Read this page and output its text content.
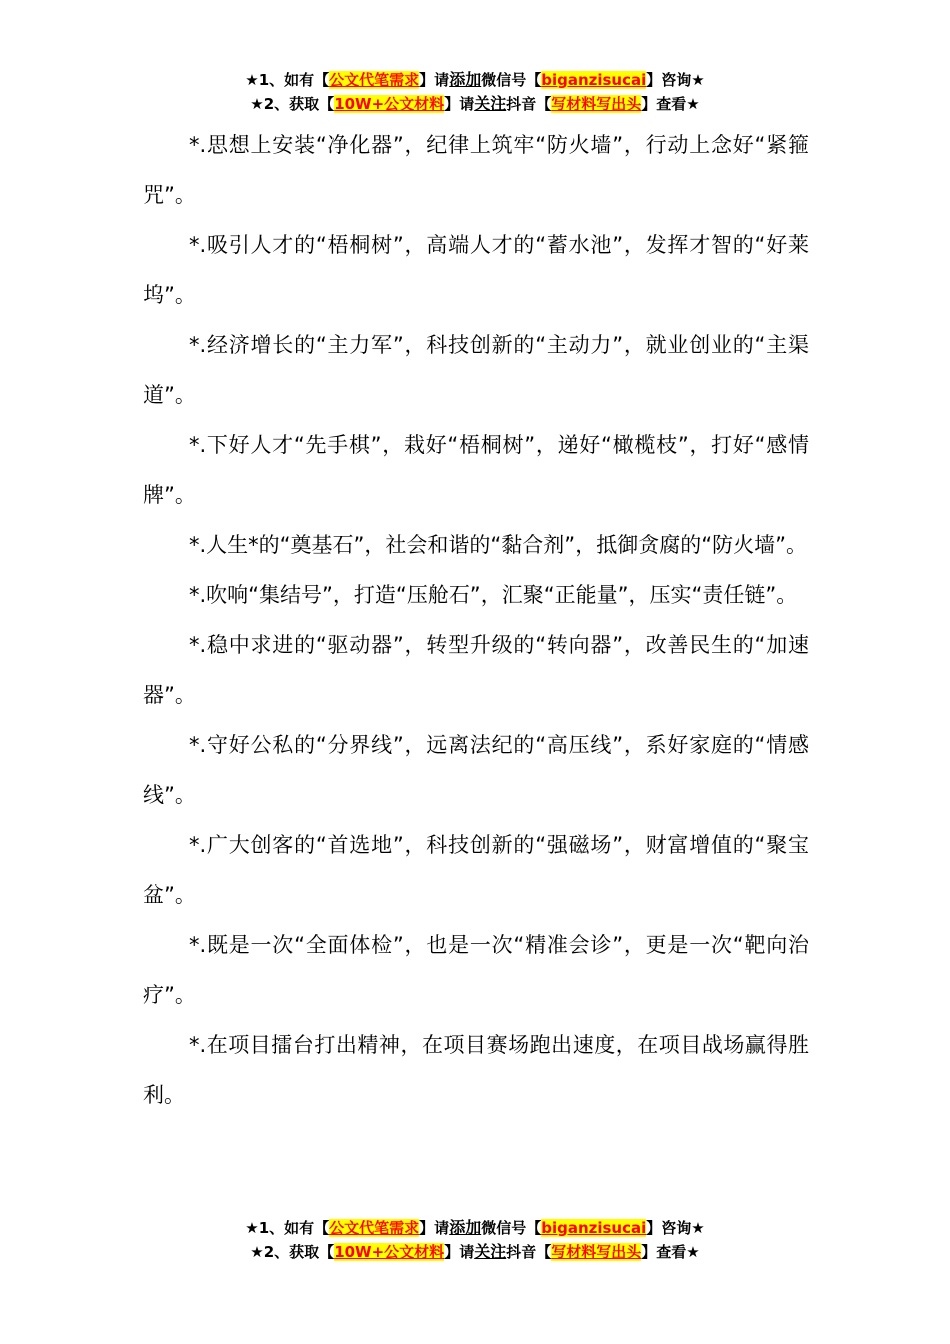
★1、如有【公文代笔需求】请添加微信号【biganzisucai】咨询★
★2、获取【10W+公文材料】请关注抖音【写材料写出头】查看★

*.思想上安装“净化器”，纪律上筑牢“防火墙”，行动上念好“紧箍咒”。

*.吸引人才的“梧桐树”，高端人才的“蓄水池”，发挥才智的“好莱坞”。

*.经济增长的“主力军”，科技创新的“主动力”，就业创业的“主渠道”。

*.下好人才“先手棋”，栽好“梧桐树”，递好“橄榄枝”，打好“感情牌”。

*.人生*的“奠基石”，社会和谐的“黏合剂”，抵御贪腐的“防火墙”。

*.吹响“集结号”，打造“压舱石”，汇聚“正能量”，压实“责任链”。

*.稳中求进的“驱动器”，转型升级的“转向器”，改善民生的“加速器”。

*.守好公私的“分界线”，远离法纪的“高压线”，系好家庭的“情感线”。

*.广大创客的“首选地”，科技创新的“强磁场”，财富增值的“聚宝盆”。

*.既是一次“全面体检”，也是一次“精准会诊”，更是一次“靶向治疗”。

*.在项目擂台打出精神，在项目赛场跑出速度，在项目战场赢得胜利。

★1、如有【公文代笔需求】请添加微信号【biganzisucai】咨询★
★2、获取【10W+公文材料】请关注抖音【写材料写出头】查看★
